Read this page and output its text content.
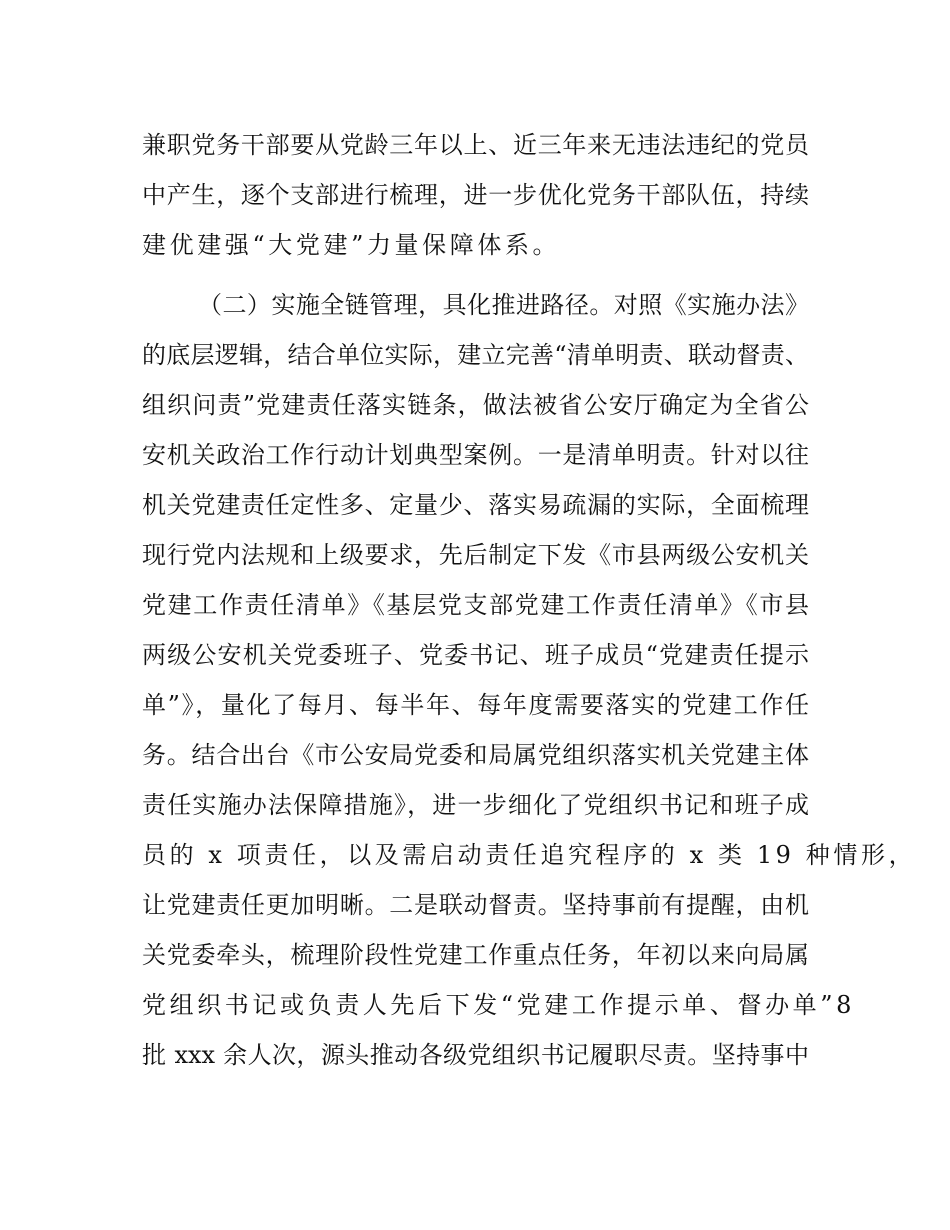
兼职党务干部要从党龄三年以上、近三年来无违法违纪的党员
中产生，逐个支部进行梳理，进一步优化党务干部队伍，持续
建优建强“大党建”力量保障体系。
（二）实施全链管理，具化推进路径。对照《实施办法》
的底层逻辑，结合单位实际，建立完善“清单明责、联动督责、
组织问责”党建责任落实链条，做法被省公安厅确定为全省公
安机关政治工作行动计划典型案例。一是清单明责。针对以往
机关党建责任定性多、定量少、落实易疏漏的实际，全面梳理
现行党内法规和上级要求，先后制定下发《市县两级公安机关
党建工作责任清单》《基层党支部党建工作责任清单》《市县
两级公安机关党委班子、党委书记、班子成员“党建责任提示
单”》，量化了每月、每半年、每年度需要落实的党建工作任
务。结合出台《市公安局党委和局属党组织落实机关党建主体
责任实施办法保障措施》，进一步细化了党组织书记和班子成
员的 x 项责任，以及需启动责任追究程序的 x 类 19 种情形，
让党建责任更加明晰。二是联动督责。坚持事前有提醒，由机
关党委牵头，梳理阶段性党建工作重点任务，年初以来向局属
党组织书记或负责人先后下发“党建工作提示单、督办单”8
批 xxx 余人次，源头推动各级党组织书记履职尽责。坚持事中
